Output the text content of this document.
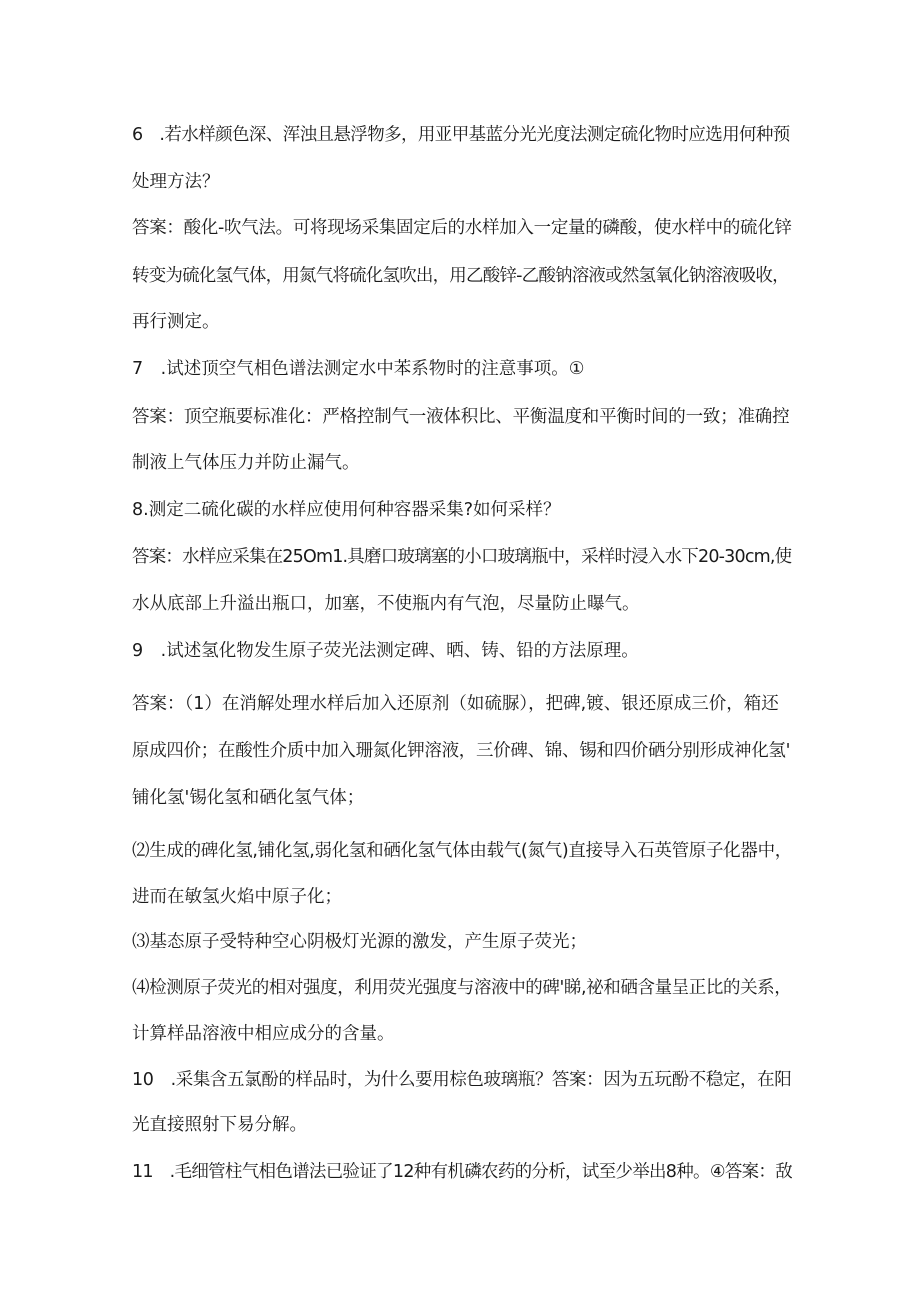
6　.若水样颜色深、浑浊且悬浮物多，用亚甲基蓝分光光度法测定硫化物时应选用何种预
处理方法？
答案：酸化-吹气法。可将现场采集固定后的水样加入一定量的磷酸，使水样中的硫化锌
转变为硫化氢气体，用氮气将硫化氢吹出，用乙酸锌-乙酸钠溶液或然氢氧化钠溶液吸收，
再行测定。
7　.试述顶空气相色谱法测定水中苯系物时的注意事项。①
答案：顶空瓶要标准化：严格控制气一液体积比、平衡温度和平衡时间的一致；准确控
制液上气体压力并防止漏气。
8.测定二硫化碳的水样应使用何种容器采集?如何采样？
答案：水样应采集在25Om1.具磨口玻璃塞的小口玻璃瓶中，采样时浸入水下20-30cm,使
水从底部上升溢出瓶口，加塞，不使瓶内有气泡，尽量防止曝气。
9　.试述氢化物发生原子荧光法测定碑、晒、铸、铅的方法原理。
答案：（1）在消解处理水样后加入还原剂（如硫脲），把碑,镀、银还原成三价，箱还
原成四价；在酸性介质中加入珊氮化钾溶液，三价碑、锦、锡和四价硒分别形成神化氢'
铺化氢'锡化氢和硒化氢气体；
⑵生成的碑化氢,铺化氢,弱化氢和硒化氢气体由载气(氮气)直接导入石英管原子化器中，
进而在敏氢火焰中原子化；
⑶基态原子受特种空心阴极灯光源的激发，产生原子荧光；
⑷检测原子荧光的相对强度，利用荧光强度与溶液中的碑'睇,祕和硒含量呈正比的关系，
计算样品溶液中相应成分的含量。
10　.采集含五氯酚的样品时，为什么要用棕色玻璃瓶？答案：因为五玩酚不稳定，在阳
光直接照射下易分解。
11　.毛细管柱气相色谱法已验证了12种有机磷农药的分析，试至少举出8种。④答案：敌
